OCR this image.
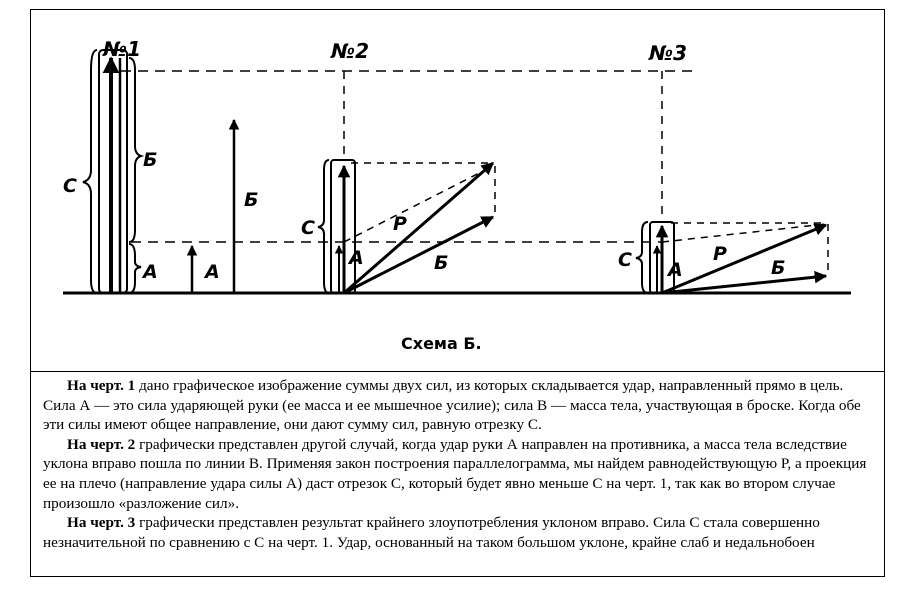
№1
С
Б
А А
Б
№2
С
А
Р
Б
№3
С А
Р
Б
Схема Б.

На черт. 1 дано графическое изображение суммы двух сил, из которых складывается удар, направленный прямо в цель. Сила А — это сила ударяющей руки (ее масса и ее мышечное усилие); сила В — масса тела, участвующая в броске. Когда обе эти силы имеют общее направление, они дают сумму сил, равную отрезку С.

На черт. 2 графически представлен другой случай, когда удар руки А направлен на противника, а масса тела вследствие уклона вправо пошла по линии В. Применяя закон построения параллелограмма, мы найдем равнодействующую Р, а проекция ее на плечо (направление удара силы А) даст отрезок С, который будет явно меньше С на черт. 1, так как во втором случае произошло «разложение сил».

На черт. 3 графически представлен результат крайнего злоупотребления уклоном вправо. Сила С стала совершенно незначительной по сравнению с С на черт. 1. Удар, основанный на таком большом уклоне, крайне слаб и недальнобоен
